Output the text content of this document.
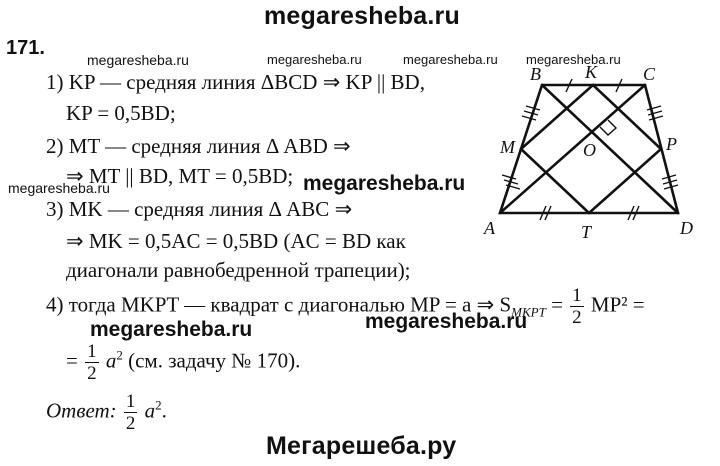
megaresheba.ru
megaresheba.ru	megaresheba.ru	megaresheba.ru megaresheba.ru
megaresheba.ru	megaresheba.ru
megaresheba.ru
megaresheba.ru
Мегарешеба.ру
171.
1) KP — средняя линия ΔBCD ⇒ KP || BD,
KP = 0,5BD;
2) MT — средняя линия Δ ABD ⇒
⇒ MT || BD, MT = 0,5BD;
3) MK — средняя линия Δ ABC ⇒
⇒ MK = 0,5AC = 0,5BD (AC = BD как
диагонали равнобедренной трапеции);
4) тогда MKPT — квадрат с диагональю MP = a ⇒ $S_{MKPT} = \frac{1}{2} MP^2$ =
= $\frac{1}{2} a^2$ (см. задачу № 170).
Ответ: $\frac{1}{2} a^2$.
B K	C
M	O	P
A	T	D
